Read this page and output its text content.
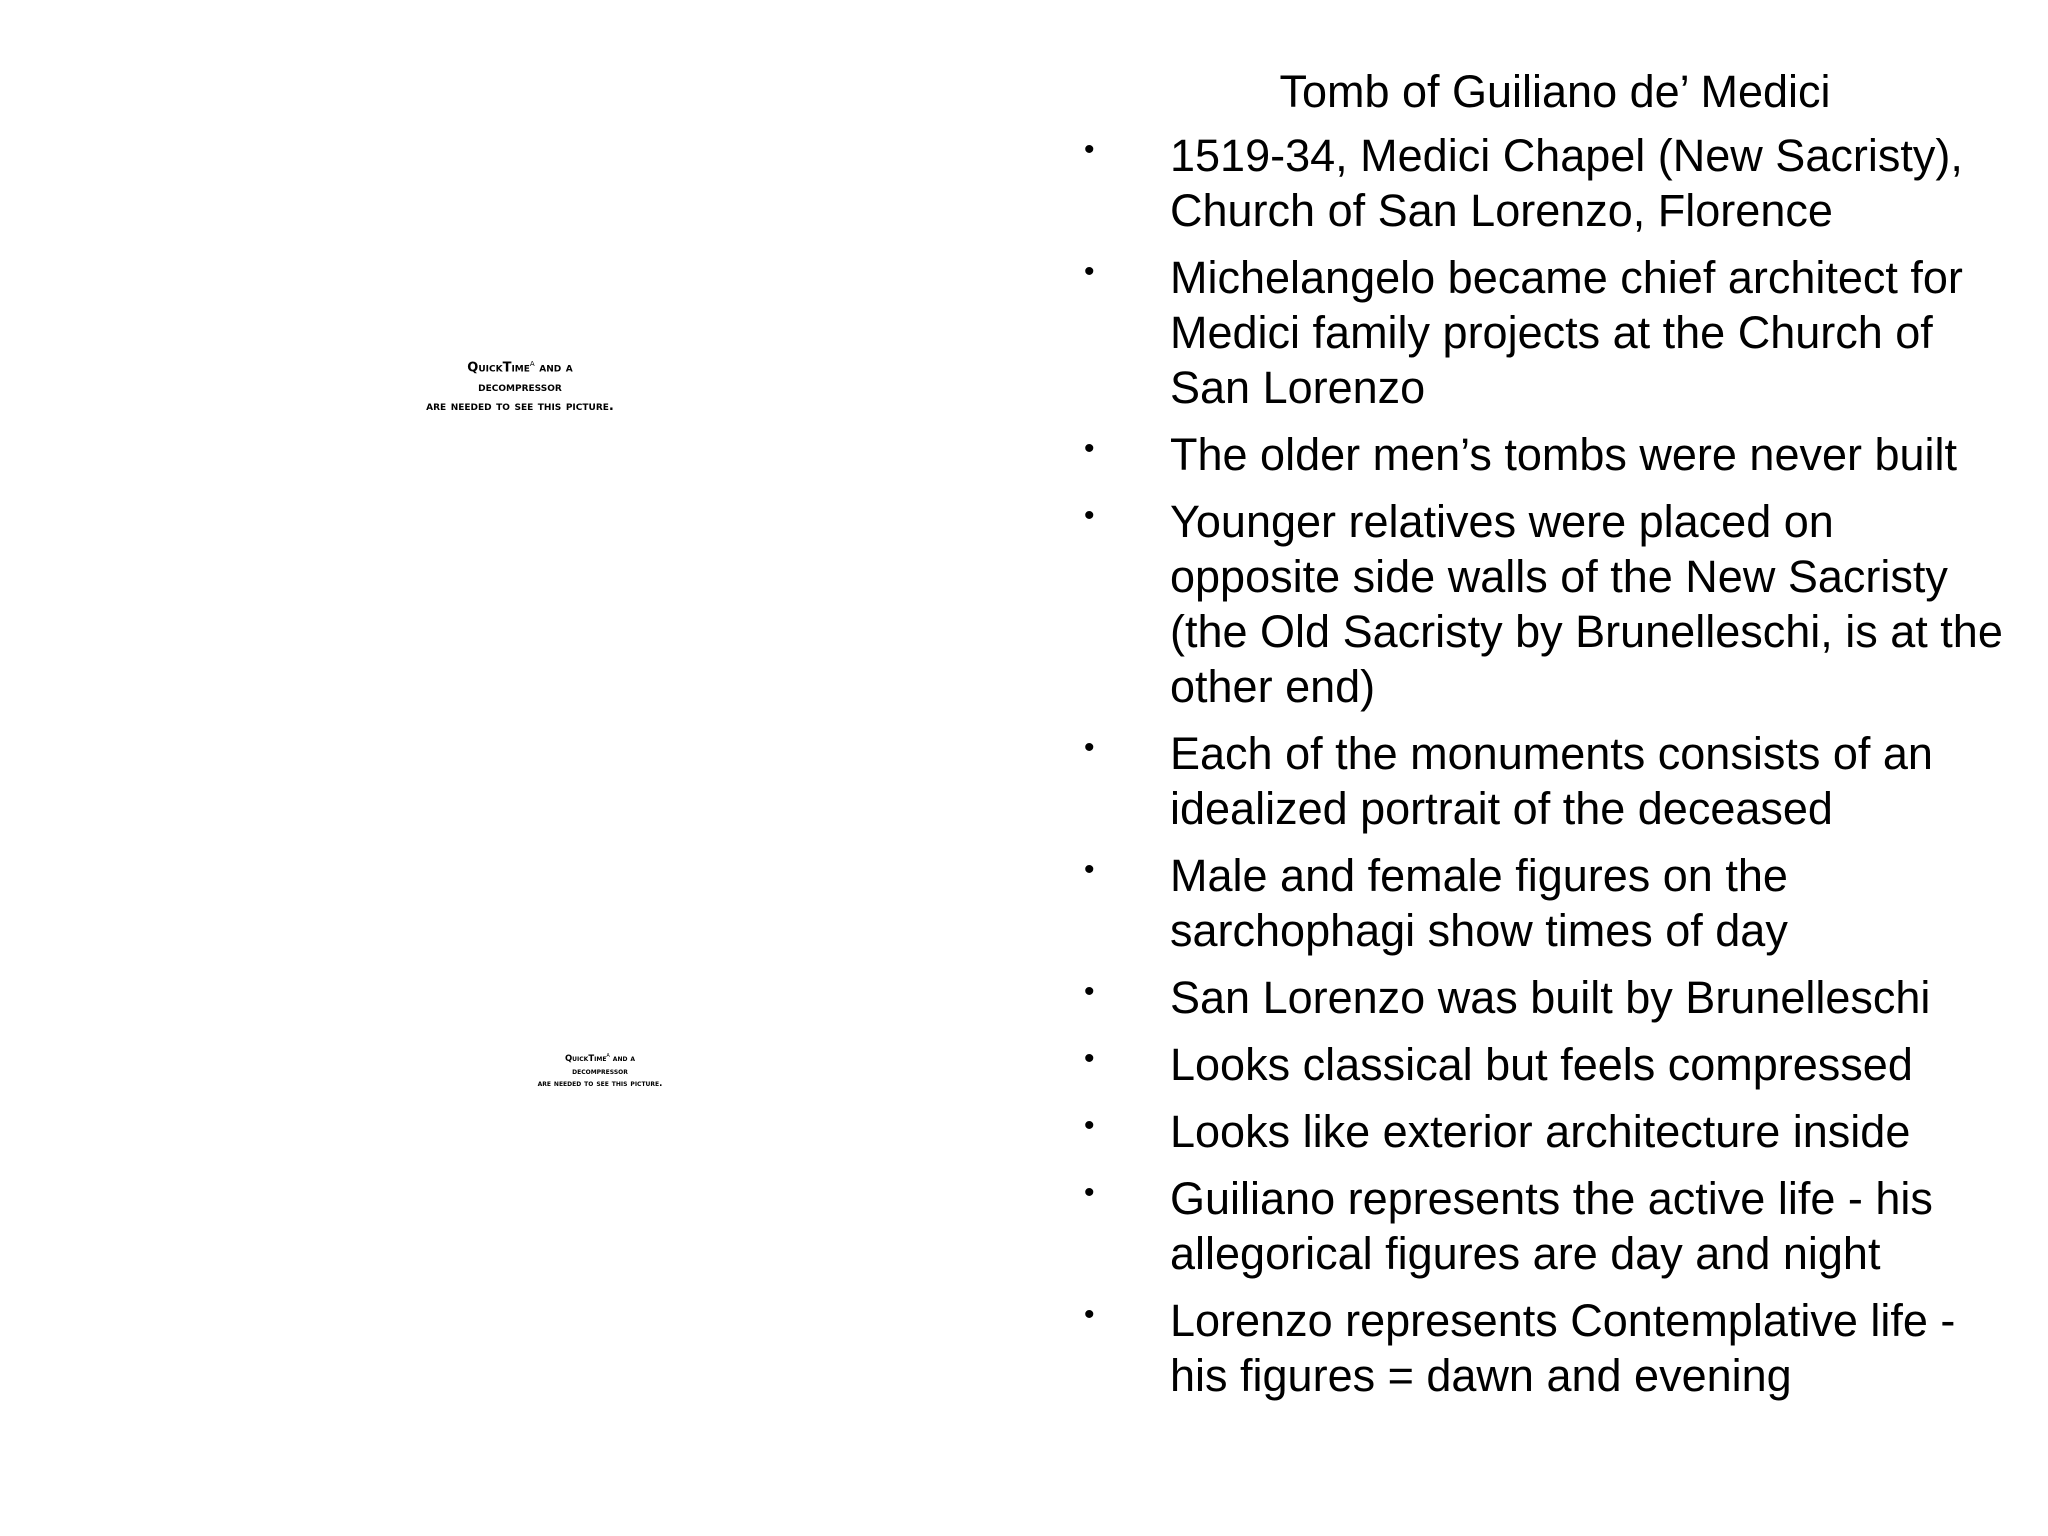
QuickTime$^a$ and a
decompressor
are needed to see this picture.
QuickTime$^a$ and a
decompressor
are needed to see this picture.
Tomb of Guiliano de’ Medici
• 1519-34, Medici Chapel (New Sacristy), Church of San Lorenzo, Florence
• Michelangelo became chief architect for Medici family projects at the Church of San Lorenzo
• The older men’s tombs were never built
• Younger relatives were placed on opposite side walls of the New Sacristy (the Old Sacristy by Brunelleschi, is at the other end)
• Each of the monuments consists of an idealized portrait of the deceased
• Male and female figures on the sarchophagi show times of day
• San Lorenzo was built by Brunelleschi
• Looks classical but feels compressed
• Looks like exterior architecture inside
• Guiliano represents the active life - his allegorical figures are day and night
• Lorenzo represents Contemplative life - his figures = dawn and evening
